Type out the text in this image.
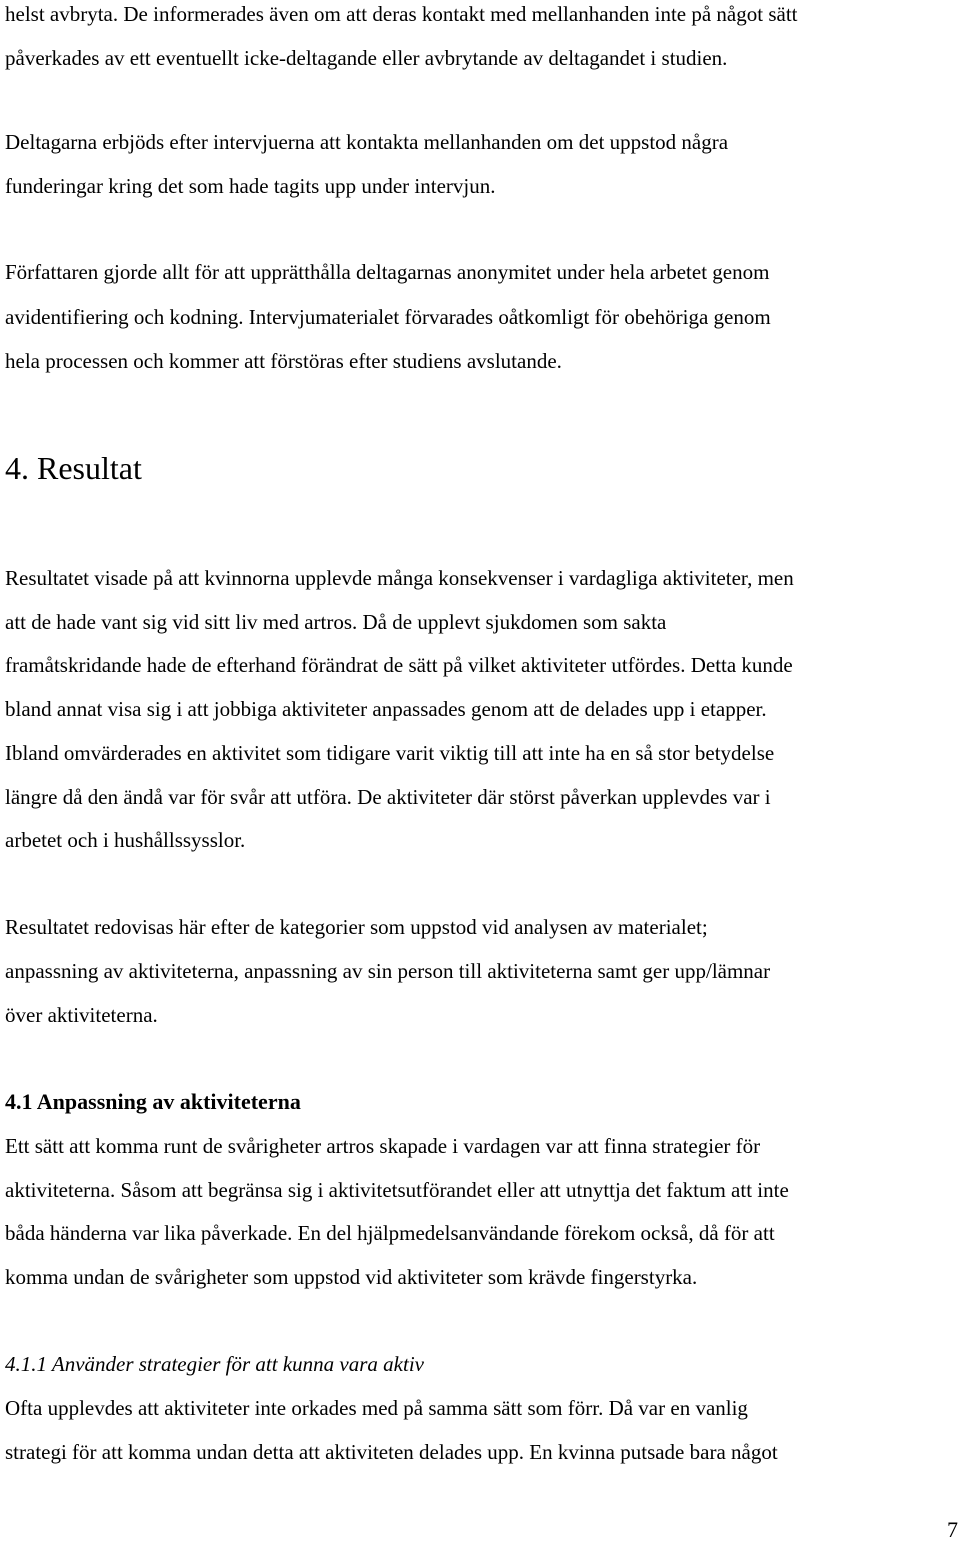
helst avbryta. De informerades även om att deras kontakt med mellanhanden inte på något sätt
påverkades av ett eventuellt icke-deltagande eller avbrytande av deltagandet i studien.
Deltagarna erbjöds efter intervjuerna att kontakta mellanhanden om det uppstod några
funderingar kring det som hade tagits upp under intervjun.
Författaren gjorde allt för att upprätthålla deltagarnas anonymitet under hela arbetet genom
avidentifiering och kodning. Intervjumaterialet förvarades oåtkomligt för obehöriga genom
hela processen och kommer att förstöras efter studiens avslutande.
4. Resultat
Resultatet visade på att kvinnorna upplevde många konsekvenser i vardagliga aktiviteter, men
att de hade vant sig vid sitt liv med artros. Då de upplevt sjukdomen som sakta
framåtskridande hade de efterhand förändrat de sätt på vilket aktiviteter utfördes. Detta kunde
bland annat visa sig i att jobbiga aktiviteter anpassades genom att de delades upp i etapper.
Ibland omvärderades en aktivitet som tidigare varit viktig till att inte ha en så stor betydelse
längre då den ändå var för svår att utföra. De aktiviteter där störst påverkan upplevdes var i
arbetet och i hushållssysslor.
Resultatet redovisas här efter de kategorier som uppstod vid analysen av materialet;
anpassning av aktiviteterna, anpassning av sin person till aktiviteterna samt ger upp/lämnar
över aktiviteterna.
4.1 Anpassning av aktiviteterna
Ett sätt att komma runt de svårigheter artros skapade i vardagen var att finna strategier för
aktiviteterna. Såsom att begränsa sig i aktivitetsutförandet eller att utnyttja det faktum att inte
båda händerna var lika påverkade. En del hjälpmedelsanvändande förekom också, då för att
komma undan de svårigheter som uppstod vid aktiviteter som krävde fingerstyrka.
4.1.1 Använder strategier för att kunna vara aktiv
Ofta upplevdes att aktiviteter inte orkades med på samma sätt som förr. Då var en vanlig
strategi för att komma undan detta att aktiviteten delades upp. En kvinna putsade bara något
7
